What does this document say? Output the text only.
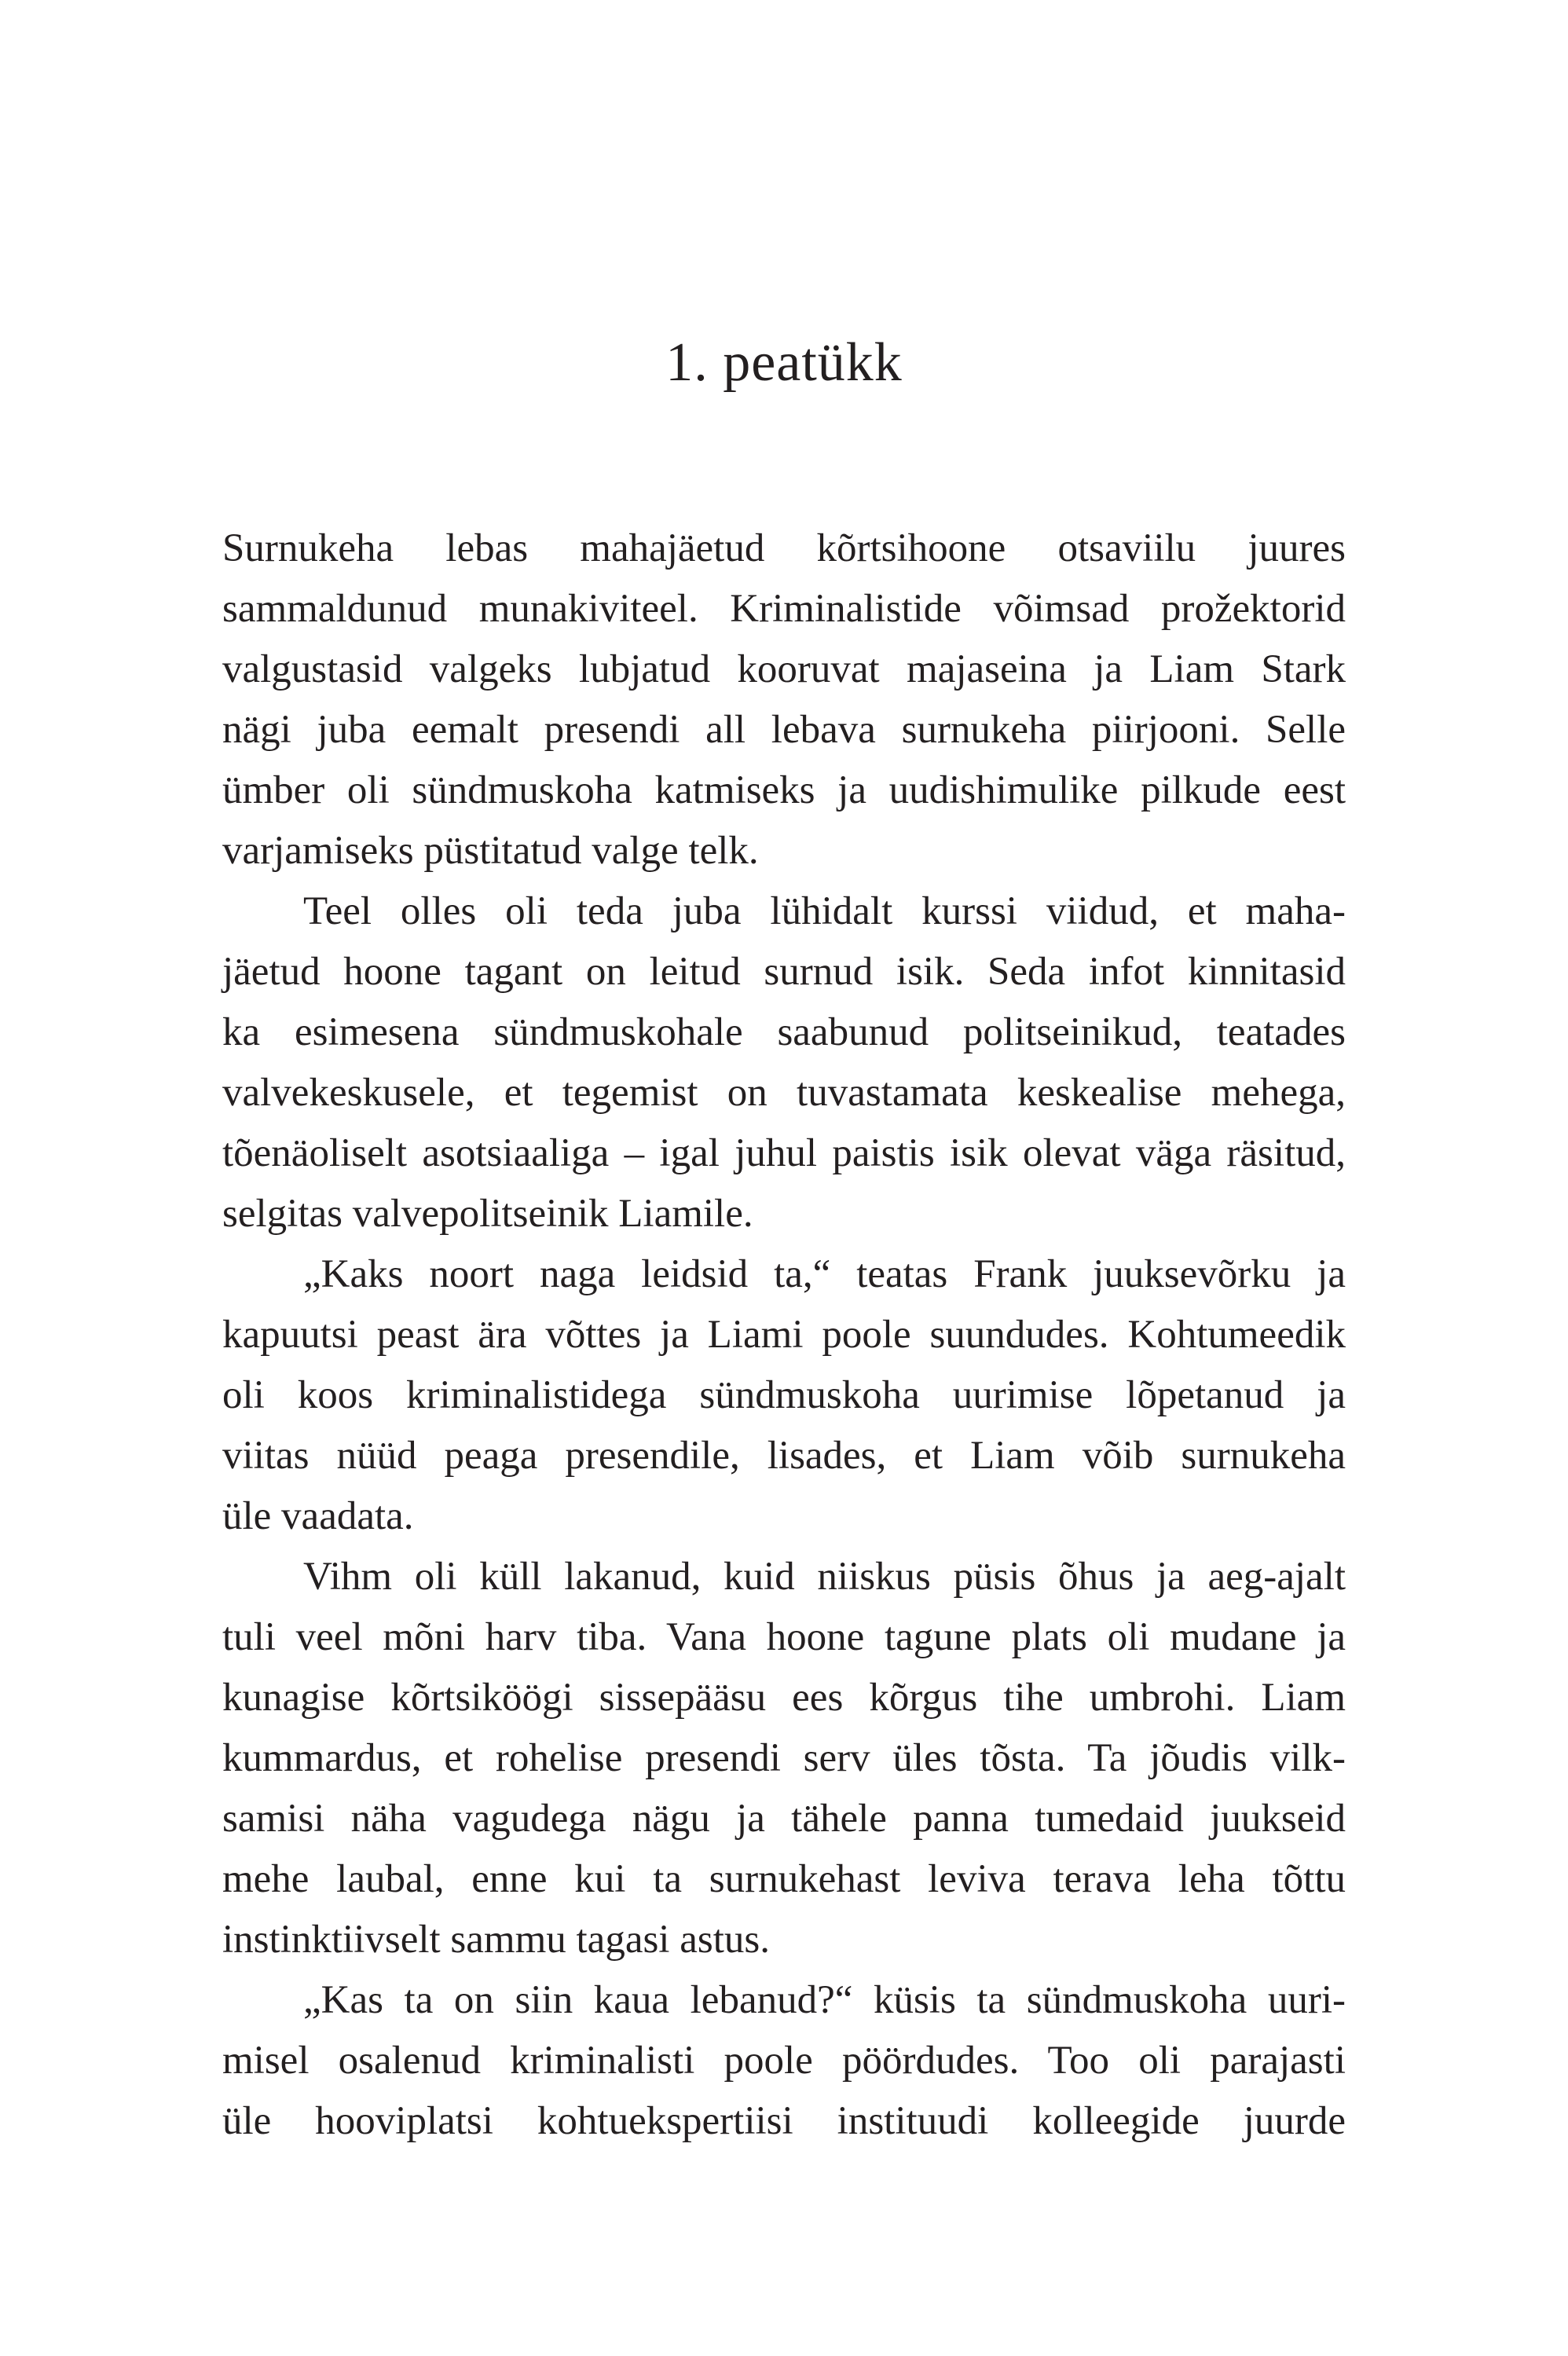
1. peatükk
Surnukeha lebas mahajäetud kõrtsihoone otsaviilu juures
sammaldunud munakiviteel. Kriminalistide võimsad prožektorid
valgustasid valgeks lubjatud kooruvat majaseina ja Liam Stark
nägi juba eemalt presendi all lebava surnukeha piirjooni. Selle
ümber oli sündmuskoha katmiseks ja uudishimulike pilkude eest
varjamiseks püstitatud valge telk.
Teel olles oli teda juba lühidalt kurssi viidud, et maha-
jäetud hoone tagant on leitud surnud isik. Seda infot kinnitasid
ka esimesena sündmuskohale saabunud politseinikud, teatades
valvekeskusele, et tegemist on tuvastamata keskealise mehega,
tõenäoliselt asotsiaaliga – igal juhul paistis isik olevat väga räsitud,
selgitas valvepolitseinik Liamile.
„Kaks noort naga leidsid ta,“ teatas Frank juuksevõrku ja
kapuutsi peast ära võttes ja Liami poole suundudes. Kohtumeedik
oli koos kriminalistidega sündmuskoha uurimise lõpetanud ja
viitas nüüd peaga presendile, lisades, et Liam võib surnukeha
üle vaadata.
Vihm oli küll lakanud, kuid niiskus püsis õhus ja aeg-ajalt
tuli veel mõni harv tiba. Vana hoone tagune plats oli mudane ja
kunagise kõrtsiköögi sissepääsu ees kõrgus tihe umbrohi. Liam
kummardus, et rohelise presendi serv üles tõsta. Ta jõudis vilk-
samisi näha vagudega nägu ja tähele panna tumedaid juukseid
mehe laubal, enne kui ta surnukehast leviva terava leha tõttu
instinktiivselt sammu tagasi astus.
„Kas ta on siin kaua lebanud?“ küsis ta sündmuskoha uuri-
misel osalenud kriminalisti poole pöördudes. Too oli parajasti
üle hooviplatsi kohtuekspertiisi instituudi kolleegide juurde
